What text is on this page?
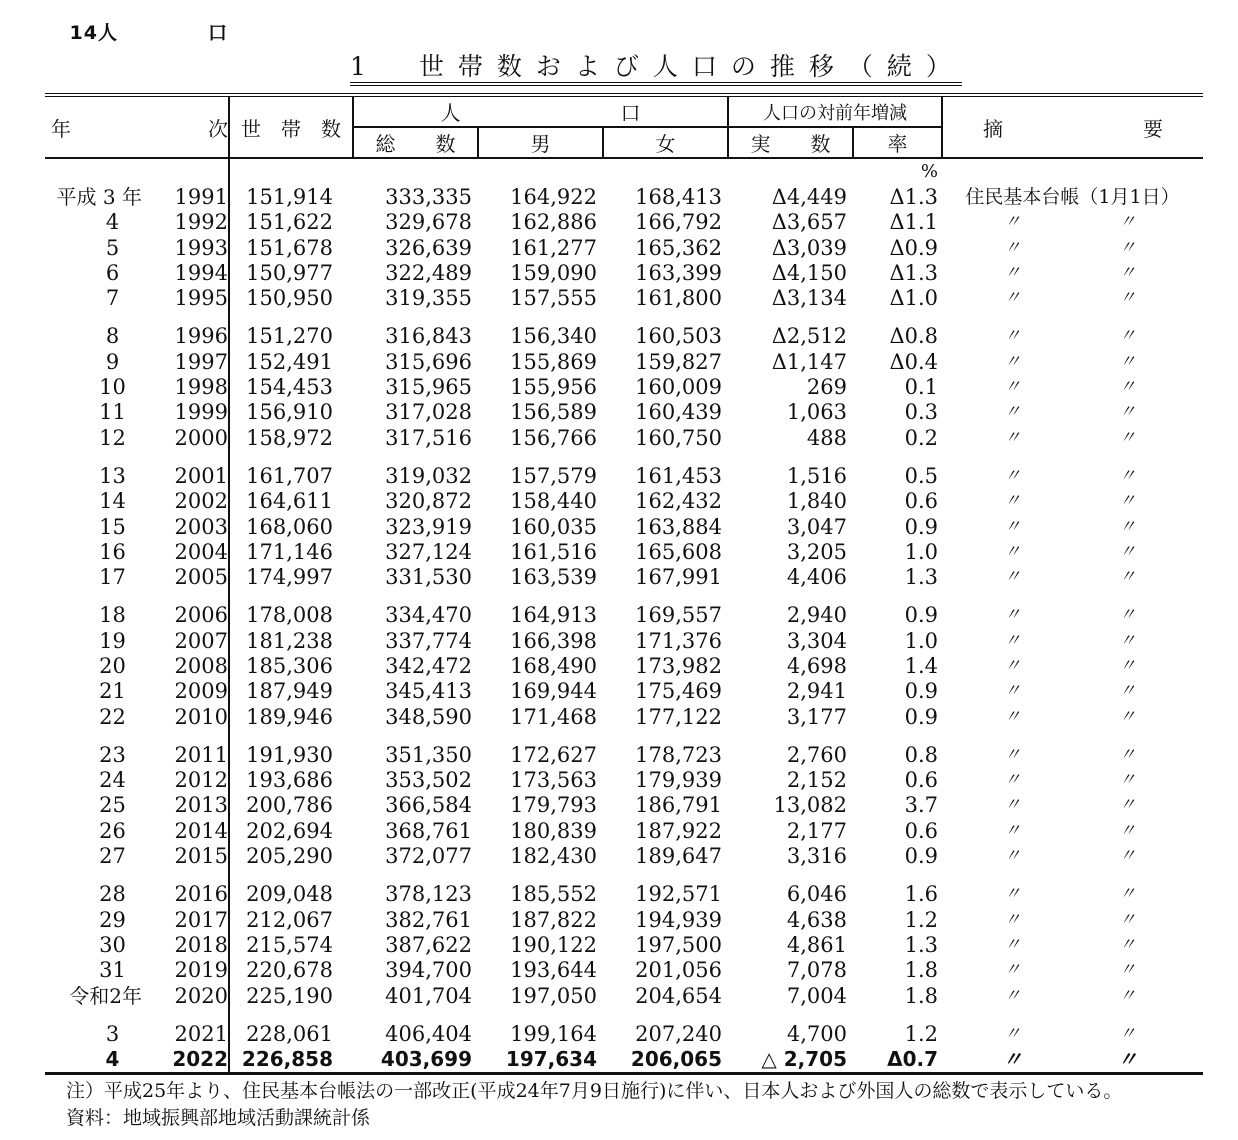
14人	口
1　世帯数および人口の推移（続）
年	次	世　帯　数	人　　　　　　　　口			人口の対前年増減		摘 要
			総　　数	男	女	実　　数	率	
							%	
平成 3 年	1991	151,914	333,335	164,922	168,413	Δ4,449	Δ1.3	住民基本台帳（1月1日）
4	1992	151,622	329,678	162,886	166,792	Δ3,657	Δ1.1	〃 〃
5	1993	151,678	326,639	161,277	165,362	Δ3,039	Δ0.9	〃 〃
6	1994	150,977	322,489	159,090	163,399	Δ4,150	Δ1.3	〃 〃
7	1995	150,950	319,355	157,555	161,800	Δ3,134	Δ1.0	〃 〃

8	1996	151,270	316,843	156,340	160,503	Δ2,512	Δ0.8	〃 〃
9	1997	152,491	315,696	155,869	159,827	Δ1,147	Δ0.4	〃 〃
10	1998	154,453	315,965	155,956	160,009	269	0.1	〃 〃
11	1999	156,910	317,028	156,589	160,439	1,063	0.3	〃 〃
12	2000	158,972	317,516	156,766	160,750	488	0.2	〃 〃

13	2001	161,707	319,032	157,579	161,453	1,516	0.5	〃 〃
14	2002	164,611	320,872	158,440	162,432	1,840	0.6	〃 〃
15	2003	168,060	323,919	160,035	163,884	3,047	0.9	〃 〃
16	2004	171,146	327,124	161,516	165,608	3,205	1.0	〃 〃
17	2005	174,997	331,530	163,539	167,991	4,406	1.3	〃 〃

18	2006	178,008	334,470	164,913	169,557	2,940	0.9	〃 〃
19	2007	181,238	337,774	166,398	171,376	3,304	1.0	〃 〃
20	2008	185,306	342,472	168,490	173,982	4,698	1.4	〃 〃
21	2009	187,949	345,413	169,944	175,469	2,941	0.9	〃 〃
22	2010	189,946	348,590	171,468	177,122	3,177	0.9	〃 〃

23	2011	191,930	351,350	172,627	178,723	2,760	0.8	〃 〃
24	2012	193,686	353,502	173,563	179,939	2,152	0.6	〃 〃
25	2013	200,786	366,584	179,793	186,791	13,082	3.7	〃 〃
26	2014	202,694	368,761	180,839	187,922	2,177	0.6	〃 〃
27	2015	205,290	372,077	182,430	189,647	3,316	0.9	〃 〃

28	2016	209,048	378,123	185,552	192,571	6,046	1.6	〃 〃
29	2017	212,067	382,761	187,822	194,939	4,638	1.2	〃 〃
30	2018	215,574	387,622	190,122	197,500	4,861	1.3	〃 〃
31	2019	220,678	394,700	193,644	201,056	7,078	1.8	〃 〃
令和2年	2020	225,190	401,704	197,050	204,654	7,004	1.8	〃 〃

3	2021	228,061	406,404	199,164	207,240	4,700	1.2	〃 〃
4	2022	226,858	403,699	197,634	206,065	△ 2,705	Δ0.7	〃 〃
注）平成25年より、住民基本台帳法の一部改正(平成24年7月9日施行)に伴い、日本人および外国人の総数で表示している。
資料：地域振興部地域活動課統計係
